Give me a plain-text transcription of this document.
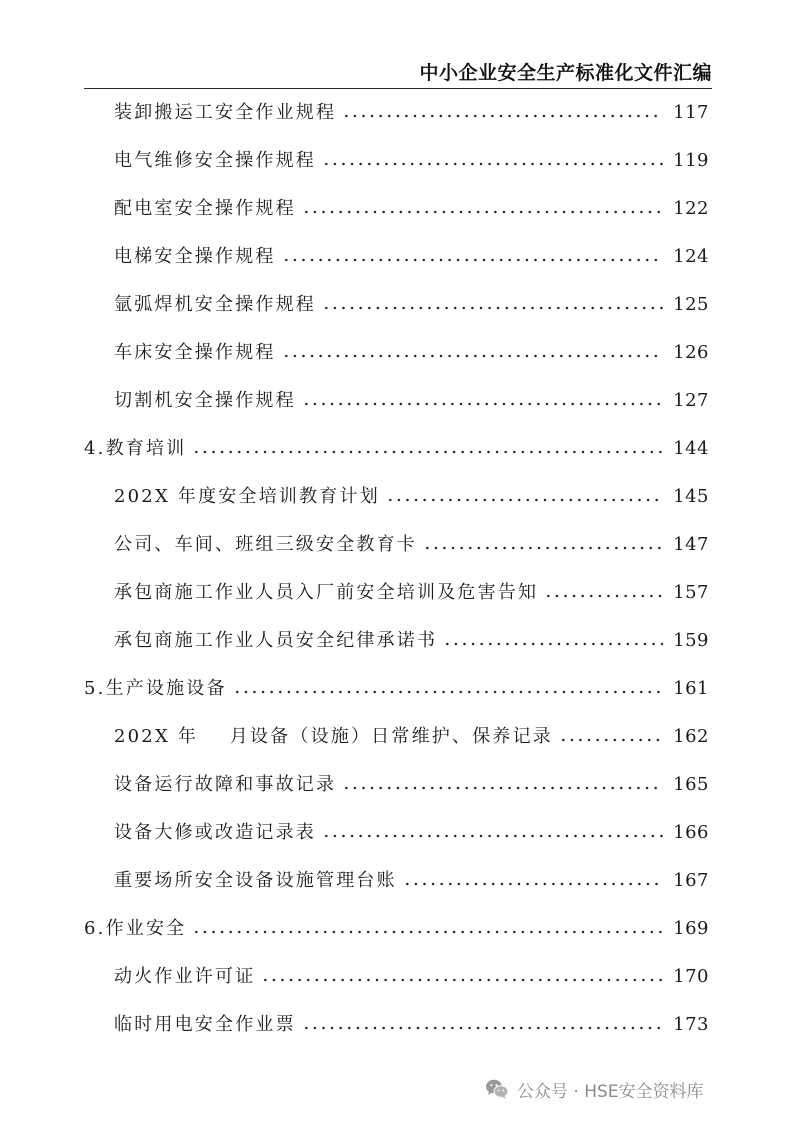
中小企业安全生产标准化文件汇编
装卸搬运工安全作业规程	117
电气维修安全操作规程	119
配电室安全操作规程	122
电梯安全操作规程	124
氩弧焊机安全操作规程	125
车床安全操作规程	126
切割机安全操作规程	127
4.教育培训	144
202X 年度安全培训教育计划	145
公司、车间、班组三级安全教育卡	147
承包商施工作业人员入厂前安全培训及危害告知	157
承包商施工作业人员安全纪律承诺书	159
5.生产设施设备	161
202X 年    月设备（设施）日常维护、保养记录	162
设备运行故障和事故记录	165
设备大修或改造记录表	166
重要场所安全设备设施管理台账	167
6.作业安全	169
动火作业许可证	170
临时用电安全作业票	173
公众号 · HSE安全资料库
